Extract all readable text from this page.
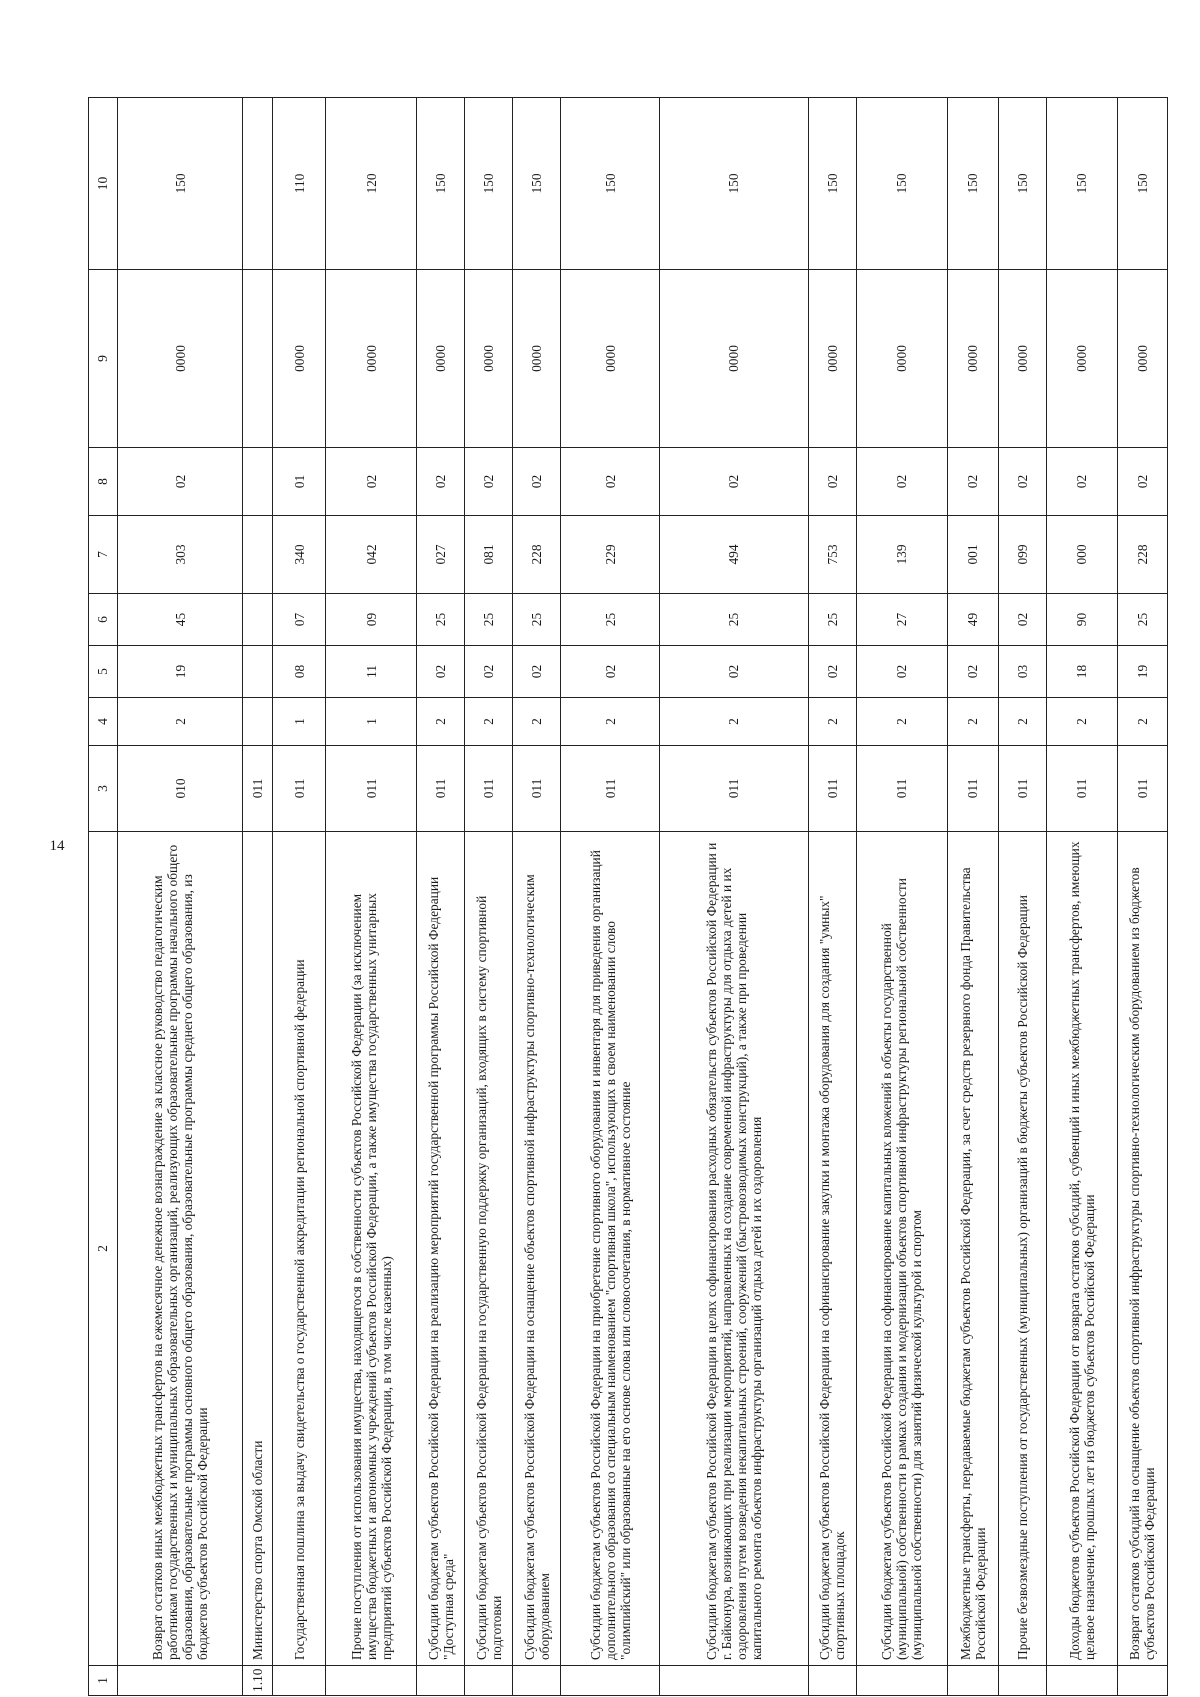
14
1	2	3	4	5	6	7	8	9	10
	Возврат остатков иных межбюджетных трансфертов на ежемесячное денежное вознаграждение за классное руководство педагогическим работникам государственных и муниципальных образовательных организаций, реализующих образовательные программы начального общего образования, образовательные программы основного общего образования, образовательные программы среднего общего образования, из бюджетов субъектов Российской Федерации	010	2	19	45	303	02	0000	150
1.10	Министерство спорта Омской области	011							
	Государственная пошлина за выдачу свидетельства о государственной аккредитации региональной спортивной федерации	011	1	08	07	340	01	0000	110
	Прочие поступления от использования имущества, находящегося в собственности субъектов Российской Федерации (за исключением имущества бюджетных и автономных учреждений субъектов Российской Федерации, а также имущества государственных унитарных предприятий субъектов Российской Федерации, в том числе казенных)	011	1	11	09	042	02	0000	120
	Субсидии бюджетам субъектов Российской Федерации на реализацию мероприятий государственной программы Российской Федерации "Доступная среда"	011	2	02	25	027	02	0000	150
	Субсидии бюджетам субъектов Российской Федерации на государственную поддержку организаций, входящих в систему спортивной подготовки	011	2	02	25	081	02	0000	150
	Субсидии бюджетам субъектов Российской Федерации на оснащение объектов спортивной инфраструктуры спортивно-технологическим оборудованием	011	2	02	25	228	02	0000	150
	Субсидии бюджетам субъектов Российской Федерации на приобретение спортивного оборудования и инвентаря для приведения организаций дополнительного образования со специальным наименованием "спортивная школа", использующих в своем наименовании слово "олимпийский" или образованные на его основе слова или словосочетания, в нормативное состояние	011	2	02	25	229	02	0000	150
	Субсидии бюджетам субъектов Российской Федерации в целях софинансирования расходных обязательств субъектов Российской Федерации и г. Байконура, возникающих при реализации мероприятий, направленных на создание современной инфраструктуры для отдыха детей и их оздоровления путем возведения некапитальных строений, сооружений (быстровозводимых конструкций), а также при проведении капитального ремонта объектов инфраструктуры организаций отдыха детей и их оздоровления	011	2	02	25	494	02	0000	150
	Субсидии бюджетам субъектов Российской Федерации на софинансирование закупки и монтажа оборудования для создания "умных" спортивных площадок	011	2	02	25	753	02	0000	150
	Субсидии бюджетам субъектов Российской Федерации на софинансирование капитальных вложений в объекты государственной (муниципальной) собственности в рамках создания и модернизации объектов спортивной инфраструктуры региональной собственности (муниципальной собственности) для занятий физической культурой и спортом	011	2	02	27	139	02	0000	150
	Межбюджетные трансферты, передаваемые бюджетам субъектов Российской Федерации, за счет средств резервного фонда Правительства Российской Федерации	011	2	02	49	001	02	0000	150
	Прочие безвозмездные поступления от государственных (муниципальных) организаций в бюджеты субъектов Российской Федерации	011	2	03	02	099	02	0000	150
	Доходы бюджетов субъектов Российской Федерации от возврата остатков субсидий, субвенций и иных межбюджетных трансфертов, имеющих целевое назначение, прошлых лет из бюджетов субъектов Российской Федерации	011	2	18	90	000	02	0000	150
	Возврат остатков субсидий на оснащение объектов спортивной инфраструктуры спортивно-технологическим оборудованием из бюджетов субъектов Российской Федерации	011	2	19	25	228	02	0000	150
